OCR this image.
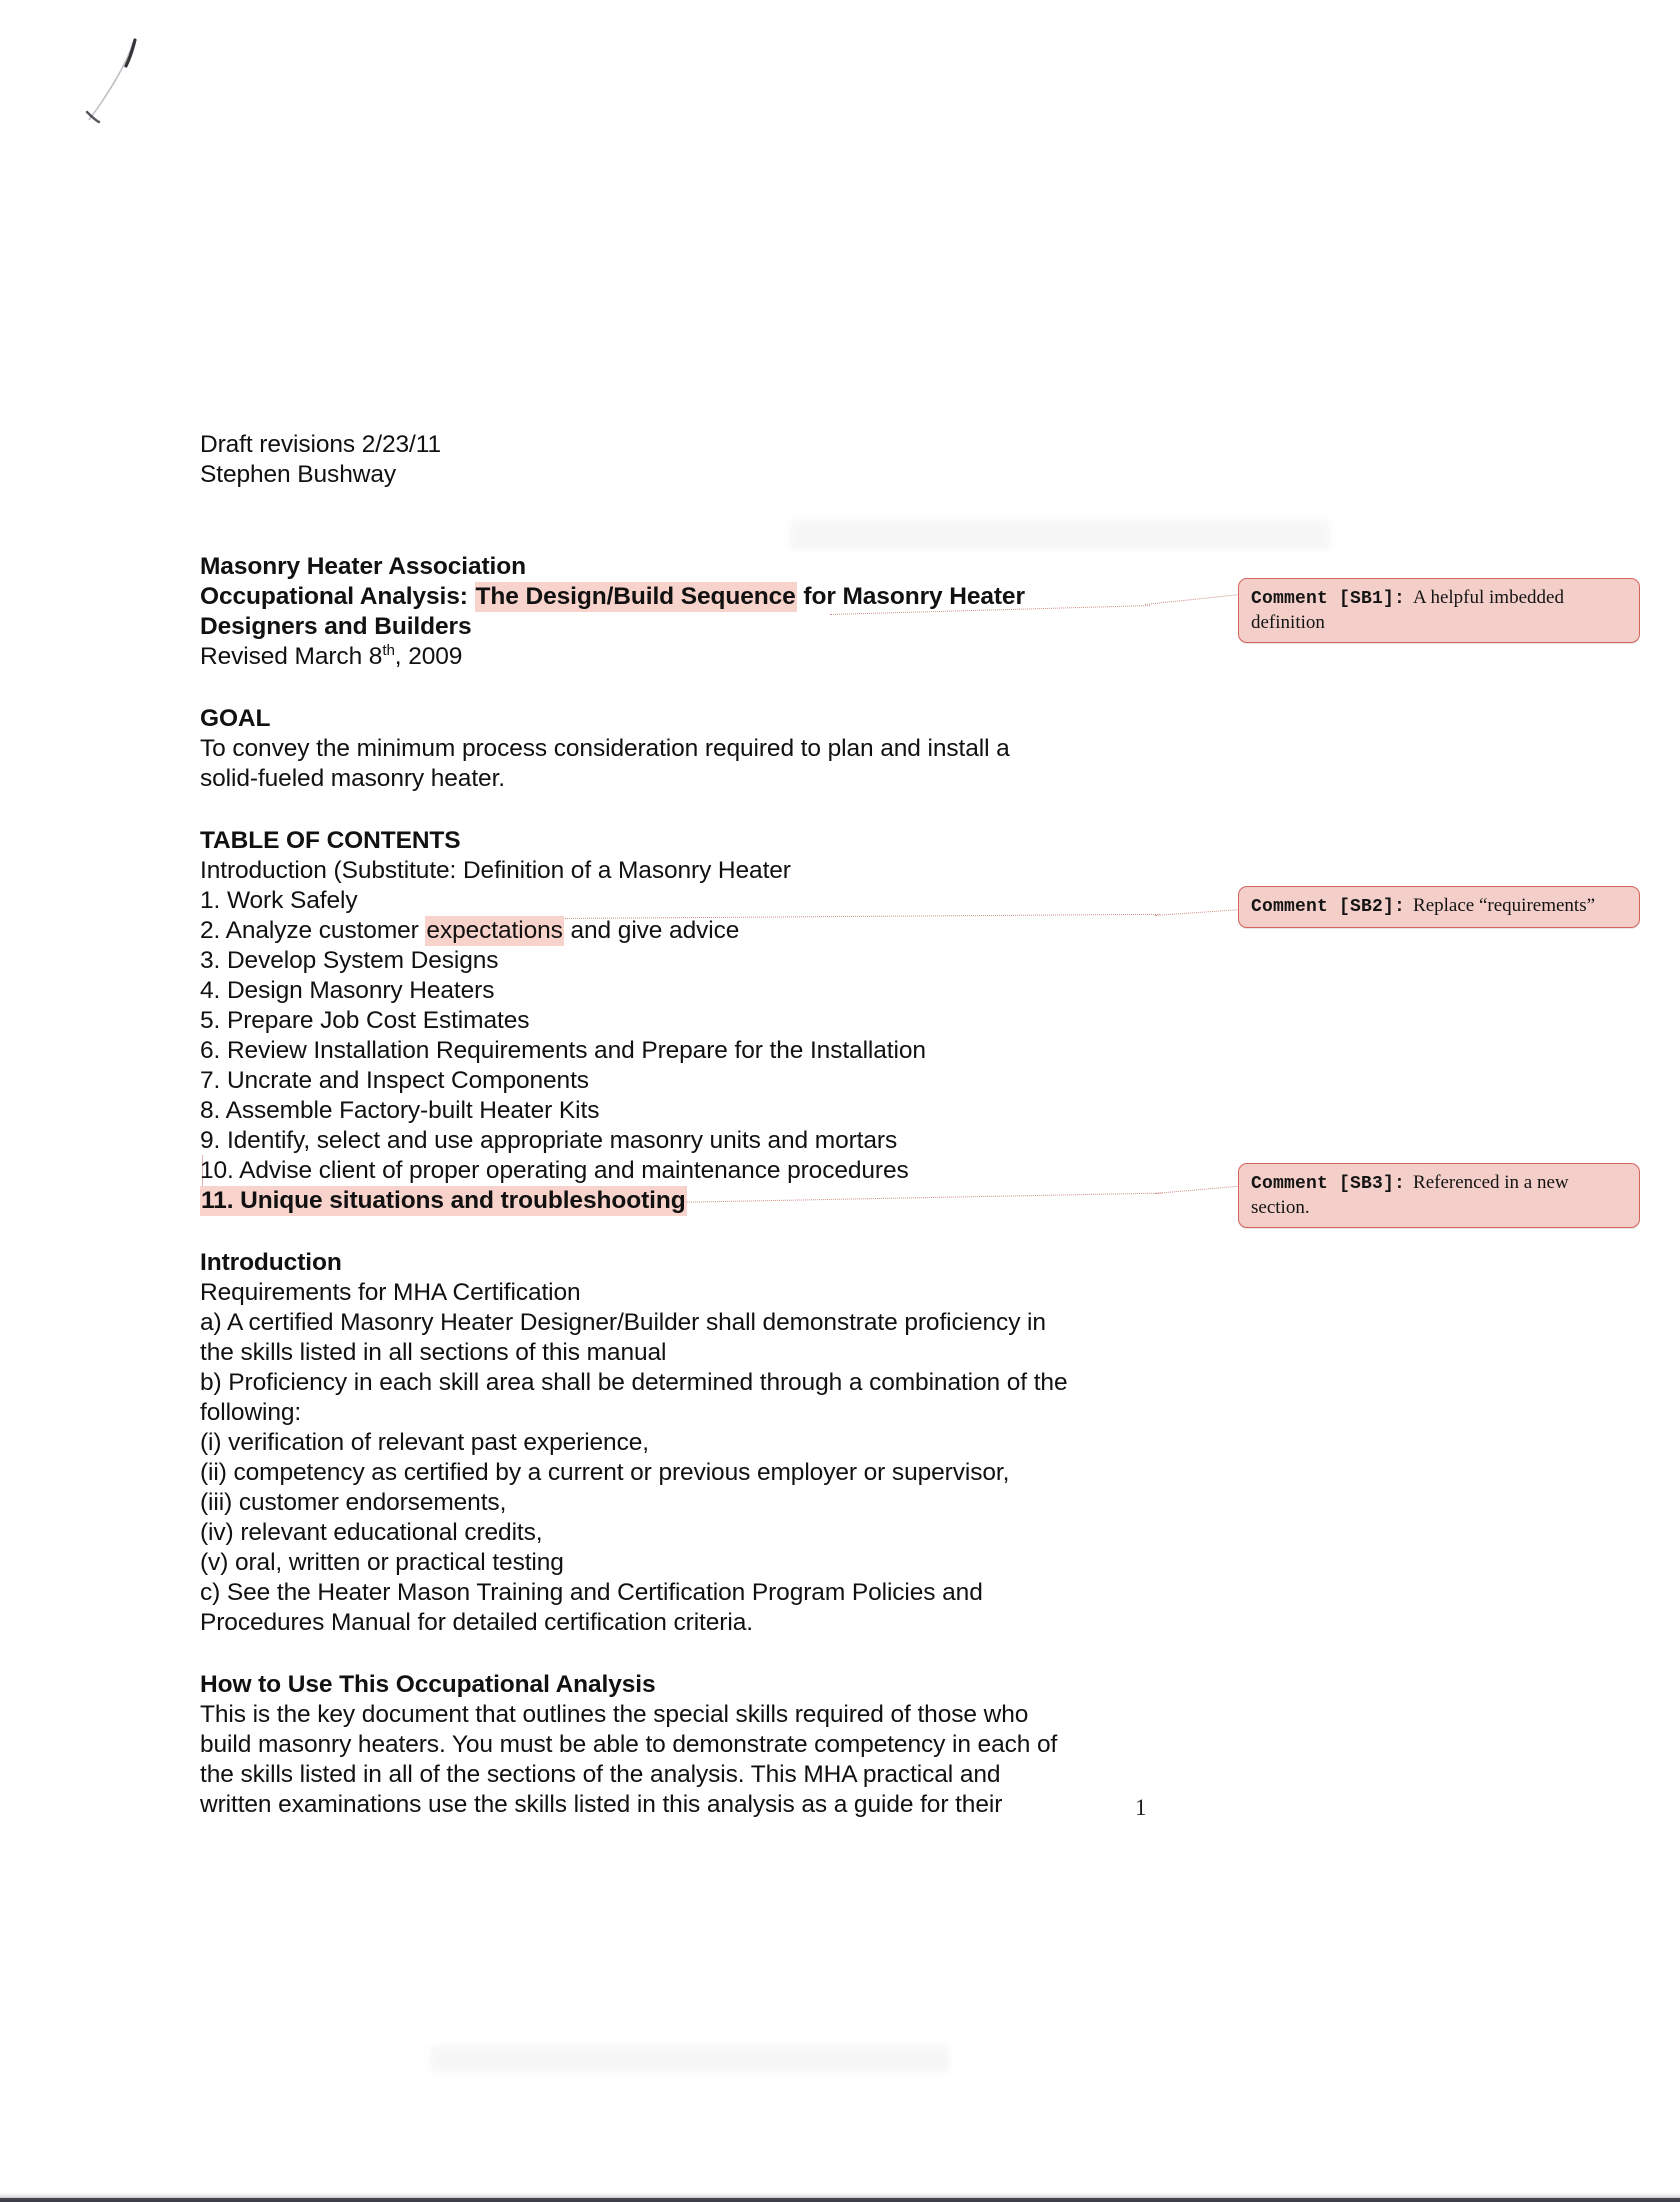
Draft revisions 2/23/11
Stephen Bushway
Masonry Heater Association
Occupational Analysis: The Design/Build Sequence for Masonry Heater
Designers and Builders
Revised March 8th, 2009
GOAL
To convey the minimum process consideration required to plan and install a
solid-fueled masonry heater.
TABLE OF CONTENTS
Introduction (Substitute: Definition of a Masonry Heater
1. Work Safely
2. Analyze customer expectations and give advice
3. Develop System Designs
4. Design Masonry Heaters
5. Prepare Job Cost Estimates
6. Review Installation Requirements and Prepare for the Installation
7. Uncrate and Inspect Components
8. Assemble Factory-built Heater Kits
9. Identify, select and use appropriate masonry units and mortars
10. Advise client of proper operating and maintenance procedures
11. Unique situations and troubleshooting
Introduction
Requirements for MHA Certification
a) A certified Masonry Heater Designer/Builder shall demonstrate proficiency in
the skills listed in all sections of this manual
b) Proficiency in each skill area shall be determined through a combination of the
following:
(i) verification of relevant past experience,
(ii) competency as certified by a current or previous employer or supervisor,
(iii) customer endorsements,
(iv) relevant educational credits,
(v) oral, written or practical testing
c) See the Heater Mason Training and Certification Program Policies and
Procedures Manual for detailed certification criteria.
How to Use This Occupational Analysis
This is the key document that outlines the special skills required of those who
build masonry heaters. You must be able to demonstrate competency in each of
the skills listed in all of the sections of the analysis. This MHA practical and
written examinations use the skills listed in this analysis as a guide for their	1
Comment [SB1]: A helpful imbedded definition
Comment [SB2]: Replace “requirements”
Comment [SB3]: Referenced in a new section.
